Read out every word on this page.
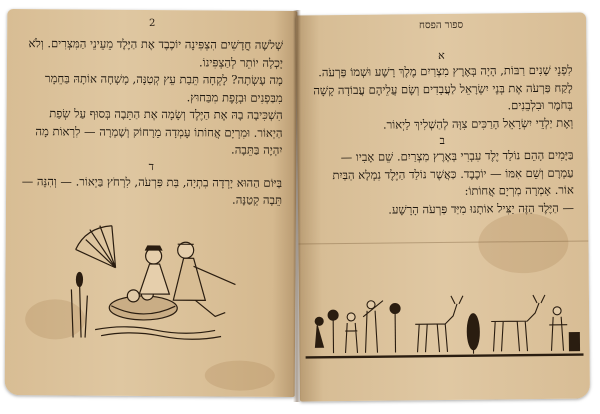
2

שְׁלשָׁה חֳדָשִׁים הִצְפִּינָה יוֹכֶבֶד אֶת הַיֶּלֶד מֵעֵינֵי הַמִּצְרִים. וְלֹא יָכְלָה יוֹתֵר לְהַצְפִּינוֹ.

מָה עָשְׂתָה? לָקְחָה תֵּבַת עֵץ קְטַנָּה, מָשְׁחָה אוֹתָהּ בַּחֵמָר מִבַּפְנִים וּבְזֶפֶת מִבַּחוּץ.

הִשְׁכִּיבָה בָהּ אֶת הַיֶּלֶד וְשָׂמָה אֶת הַתֵּבָה בְּסוּף עַל שְׂפַת הַיְאוֹר. וּמִרְיָם אֲחוֹתוֹ עָמְדָה מֵרָחוֹק וְשָׁמְרָה — לִרְאוֹת מָה יִהְיֶה בַּתֵּבָה.

ד

בַּיּוֹם הַהוּא יָרְדָה בִתְיָה, בַּת פַּרְעֹה, לִרְחֹץ בַּיְאוֹר. — וְהִנֵּה — תֵּבָה קְטַנָּה.

ספור הפסח

א

לִפְנֵי שָׁנִים רַבּוֹת, הָיָה בְּאֶרֶץ מִצְרַיִם מֶלֶךְ רָשָׁע וּשְׁמוֹ פַּרְעֹה.

לָקַח פַּרְעֹה אֶת בְּנֵי יִשְׂרָאֵל לַעֲבָדִים וְשָׂם עֲלֵיהֶם עֲבוֹדָה קָשָׁה בְּחֹמֶר וּבִלְבֵנִים.

וְאֶת יַלְדֵי יִשְׂרָאֵל הָרַכִּים צִוָּה לְהַשְׁלִיךְ לַיְאוֹר.

ב

בַּיָּמִים הָהֵם נוֹלַד יֶלֶד עִבְרִי בְּאֶרֶץ מִצְרַיִם. שֵׁם אָבִיו — עַמְרָם וְשֵׁם אִמּוֹ — יוֹכֶבֶד. כַּאֲשֶׁר נוֹלַד הַיֶּלֶד נִמְלָא הַבַּיִת אוֹר. אָמְרָה מִרְיָם אֲחוֹתוֹ:

— הַיֶּלֶד הַזֶּה יַצִּיל אוֹתָנוּ מִיַּד פַּרְעֹה הָרָשָׁע.
